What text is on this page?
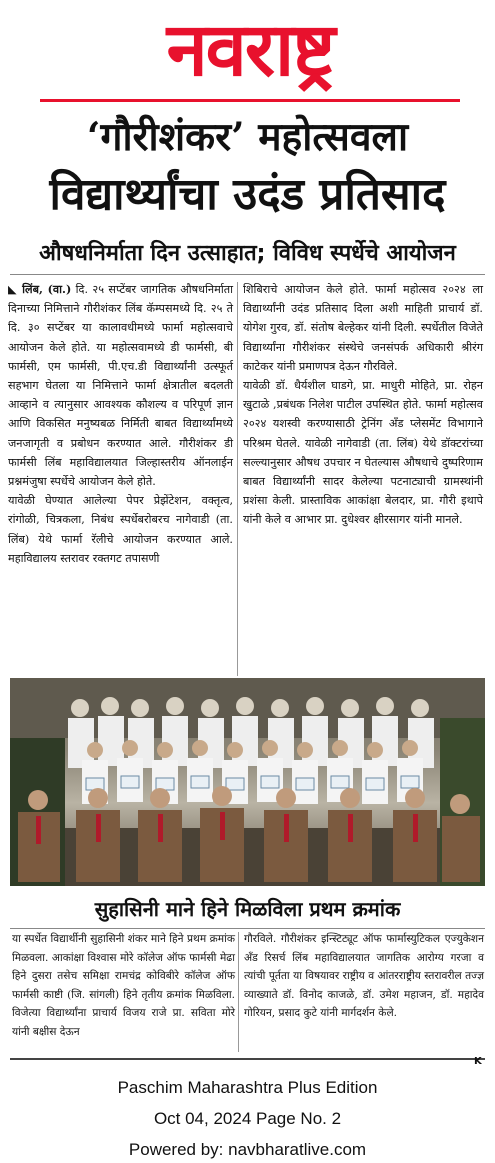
नवराष्ट्र
‘गौरीशंकर’ महोत्सवला
विद्यार्थ्यांचा उदंड प्रतिसाद
औषधनिर्माता दिन उत्साहात; विविध स्पर्धेचे आयोजन

◣ लिंब, (वा.) दि. २५ सप्टेंबर जागतिक औषधनिर्माता दिनाच्या निमित्ताने गौरीशंकर लिंब कॅम्पसमध्ये दि. २५ ते दि. ३० सप्टेंबर या कालावधीमध्ये फार्मा महोत्सवाचे आयोजन केले होते. या महोत्सवामध्ये डी फार्मसी, बी फार्मसी, एम फार्मसी, पी.एच.डी विद्यार्थ्यांनी उत्स्फूर्त सहभाग घेतला या निमित्ताने फार्मा क्षेत्रातील बदलती आव्हाने व त्यानुसार आवश्यक कौशल्य व परिपूर्ण ज्ञान आणि विकसित मनुष्यबळ निर्मिती बाबत विद्यार्थ्यांमध्ये जनजागृती व प्रबोधन करण्यात आले. गौरीशंकर डी फार्मसी लिंब महाविद्यालयात जिल्हास्तरीय ऑनलाईन प्रश्नमंजुषा स्पर्धेचे आयोजन केले होते.

यावेळी घेण्यात आलेल्या पेपर प्रेझेंटेशन, वक्तृत्व, रांगोळी, चित्रकला, निबंध स्पर्धेबरोबरच नागेवाडी (ता. लिंब) येथे फार्मा रॅलीचे आयोजन करण्यात आले. महाविद्यालय स्तरावर रक्तगट तपासणी

शिबिराचे आयोजन केले होते. फार्मा महोत्सव २०२४ ला विद्यार्थ्यांनी उदंड प्रतिसाद दिला अशी माहिती प्राचार्य डॉ. योगेश गुरव, डॉ. संतोष बेल्हेकर यांनी दिली. स्पर्धेतील विजेते विद्यार्थ्यांना गौरीशंकर संस्थेचे जनसंपर्क अधिकारी श्रीरंग काटेकर यांनी प्रमाणपत्र देऊन गौरविले.

यावेळी डॉ. धैर्यशील घाडगे, प्रा. माधुरी मोहिते, प्रा. रोहन खुटाळे ,प्रबंधक निलेश पाटील उपस्थित होते. फार्मा महोत्सव २०२४ यशस्वी करण्यासाठी ट्रेनिंग अँड प्लेसमेंट विभागाने परिश्रम घेतले. यावेळी नागेवाडी (ता. लिंब) येथे डॉक्टरांच्या सल्ल्यानुसार औषध उपचार न घेतल्यास औषधाचे दुष्परिणाम बाबत विद्यार्थ्यांनी सादर केलेल्या पटनाट्याची ग्रामस्थांनी प्रशंसा केली. प्रास्ताविक आकांक्षा बेलदार, प्रा. गौरी इथापे यांनी केले व आभार प्रा. दुधेश्वर क्षीरसागर यांनी मानले.

सुहासिनी माने हिने मिळविला प्रथम क्रमांक

या स्पर्धेत विद्यार्थीनी सुहासिनी शंकर माने हिने प्रथम क्रमांक मिळवला. आकांक्षा विश्वास मोरे कॉलेज ऑफ फार्मसी मेढा हिने दुसरा तसेच समिक्षा रामचंद्र कोविबीरे कॉलेज ऑफ फार्मसी काष्टी (जि. सांगली) हिने तृतीय क्रमांक मिळविला. विजेत्या विद्यार्थ्यांना प्राचार्य विजय राजे प्रा. सविता मोरे यांनी बक्षीस देऊन

गौरविले. गौरीशंकर इन्स्टिट्यूट ऑफ फार्मास्युटिकल एज्युकेशन अँड रिसर्च लिंब महाविद्यालयात जागतिक आरोग्य गरजा व त्यांची पूर्तता या विषयावर राष्ट्रीय व आंतरराष्ट्रीय स्तरावरील तज्ज्ञ व्याख्याते डॉ. विनोद काजळे, डॉ. उमेश महाजन, डॉ. महादेव गोरियन, प्रसाद कुटे यांनी मार्गदर्शन केले.

K
Paschim Maharashtra Plus Edition
Oct 04, 2024 Page No. 2
Powered by: navbharatlive.com
